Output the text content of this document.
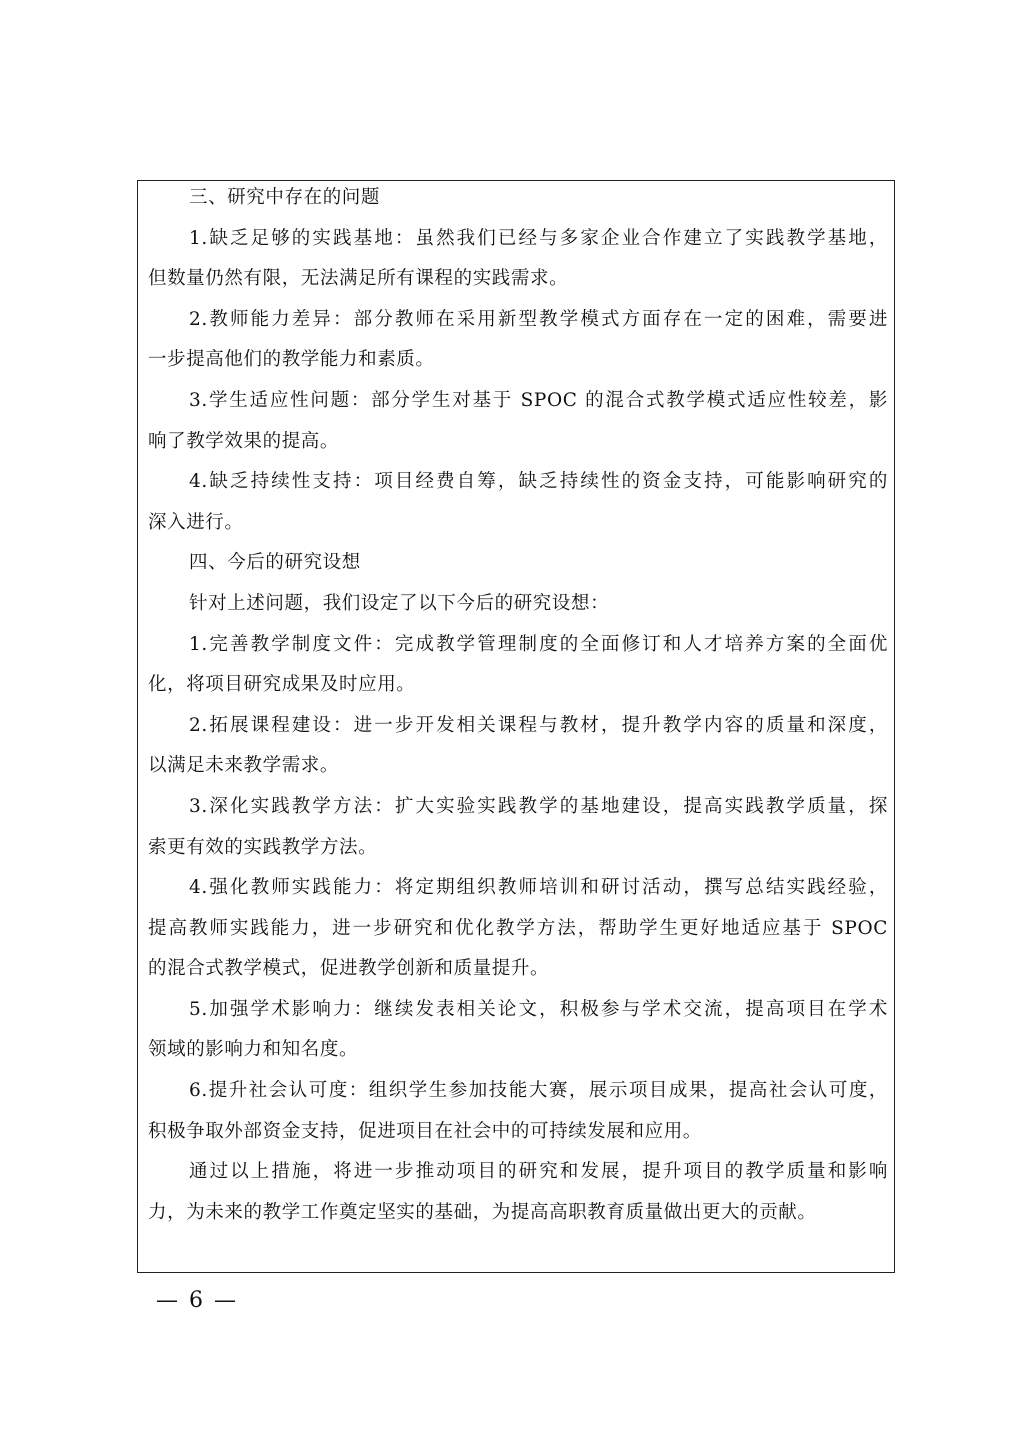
三、研究中存在的问题
1.缺乏足够的实践基地：虽然我们已经与多家企业合作建立了实践教学基地，
但数量仍然有限，无法满足所有课程的实践需求。
2.教师能力差异：部分教师在采用新型教学模式方面存在一定的困难，需要进
一步提高他们的教学能力和素质。
3.学生适应性问题：部分学生对基于 SPOC 的混合式教学模式适应性较差，影
响了教学效果的提高。
4.缺乏持续性支持：项目经费自筹，缺乏持续性的资金支持，可能影响研究的
深入进行。
四、今后的研究设想
针对上述问题，我们设定了以下今后的研究设想：
1.完善教学制度文件：完成教学管理制度的全面修订和人才培养方案的全面优
化，将项目研究成果及时应用。
2.拓展课程建设：进一步开发相关课程与教材，提升教学内容的质量和深度，
以满足未来教学需求。
3.深化实践教学方法：扩大实验实践教学的基地建设，提高实践教学质量，探
索更有效的实践教学方法。
4.强化教师实践能力：将定期组织教师培训和研讨活动，撰写总结实践经验，
提高教师实践能力，进一步研究和优化教学方法，帮助学生更好地适应基于 SPOC
的混合式教学模式，促进教学创新和质量提升。
5.加强学术影响力：继续发表相关论文，积极参与学术交流，提高项目在学术
领域的影响力和知名度。
6.提升社会认可度：组织学生参加技能大赛，展示项目成果，提高社会认可度，
积极争取外部资金支持，促进项目在社会中的可持续发展和应用。
通过以上措施，将进一步推动项目的研究和发展，提升项目的教学质量和影响
力，为未来的教学工作奠定坚实的基础，为提高高职教育质量做出更大的贡献。
— 6 —
